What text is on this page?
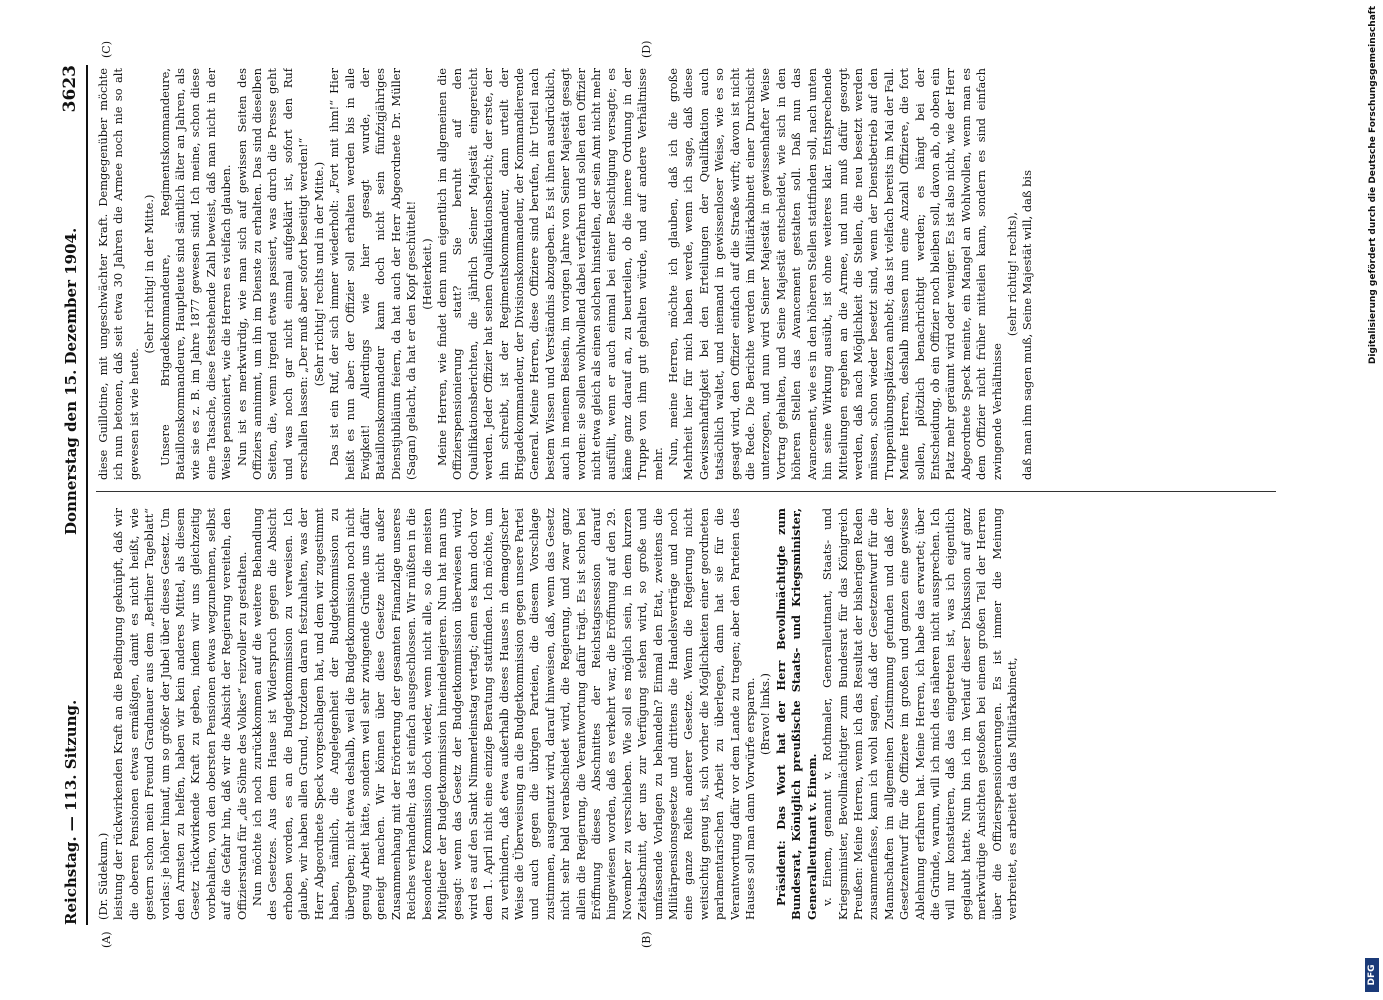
Reichstag. — 113. Sitzung.
Donnerstag den 15. Dezember 1904.
3623
(A)	(B)
(C)	(D)

(Dr. Südekum.) leistung der rückwirkenden Kraft an die Bedingung geknüpft, daß wir die oberen Pensionen etwas ermäßigen, damit es nicht heißt, wie gestern schon mein Freund Gradnauer aus dem „Berliner Tageblatt“ vorlas: je höher hinauf, um so größer der Jubel über dieses Gesetz. Um den Armsten zu helfen, haben wir kein anderes Mittel, als diesem Gesetz rückwirkende Kraft zu geben, indem wir uns gleichzeitig vorbehalten, von den obersten Pensionen etwas wegzunehmen, selbst auf die Gefahr hin, daß wir die Absicht der Regierung vereiteln, den Offizierstand für „die Söhne des Volkes“ reizvoller zu gestalten. Nun möchte ich noch zurückkommen auf die weitere Behandlung des Gesetzes. Aus dem Hause ist Widerspruch gegen die Absicht erhoben worden, es an die Budgetkommission zu verweisen. Ich glaube, wir haben allen Grund, trotzdem daran festzuhalten, was der Herr Abgeordnete Speck vorgeschlagen hat, und dem wir zugestimmt haben, nämlich, die Angelegenheit der Budgetkommission zu übergeben; nicht etwa deshalb, weil die Budgetkommission noch nicht genug Arbeit hätte, sondern weil sehr zwingende Gründe uns dafür geneigt machen. Wir können über diese Gesetze nicht außer Zusammenhang mit der Erörterung der gesamten Finanzlage unseres Reiches verhandeln; das ist einfach ausgeschlossen. Wir müßten in die besondere Kommission doch wieder, wenn nicht alle, so die meisten Mitglieder der Budgetkommission hineindelegieren. Nun hat man uns gesagt: wenn das Gesetz der Budgetkommission überwiesen wird, wird es auf den Sankt Nimmerleinstag vertagt; denn es kann doch vor dem 1. April nicht eine einzige Beratung stattfinden. Ich möchte, um zu verhindern, daß etwa außerhalb dieses Hauses in demagogischer Weise die Überweisung an die Budgetkommission gegen unsere Partei und auch gegen die übrigen Parteien, die diesem Vorschlage zustimmen, ausgenutzt wird, darauf hinweisen, daß, wenn das Gesetz nicht sehr bald verabschiedet wird, die Regierung, und zwar ganz allein die Regierung, die Verantwortung dafür trägt. Es ist schon bei Eröffnung dieses Abschnittes der Reichstagssession darauf hingewiesen worden, daß es verkehrt war, die Eröffnung auf den 29. November zu verschieben. Wie soll es möglich sein, in dem kurzen Zeitabschnitt, der uns zur Verfügung stehen wird, so große und umfassende Vorlagen zu behandeln? Einmal den Etat, zweitens die Militärpensionsgesetze und drittens die Handelsverträge und noch eine ganze Reihe anderer Gesetze. Wenn die Regierung nicht weitsichtig genug ist, sich vorher die Möglichkeiten einer geordneten parlamentarischen Arbeit zu überlegen, dann hat sie für die Verantwortung dafür vor dem Lande zu tragen; aber den Parteien des Hauses soll man dann Vorwürfe ersparen. (Bravo! links.) Präsident: Das Wort hat der Herr Bevollmächtigte zum Bundesrat, Königlich preußische Staats- und Kriegsminister, Generalleutnant v. Einem. v. Einem, genannt v. Rothmaler, Generalleutnant, Staats- und Kriegsminister, Bevollmächtigter zum Bundesrat für das Königreich Preußen: Meine Herren, wenn ich das Resultat der bisherigen Reden zusammenfasse, kann ich wohl sagen, daß der Gesetzentwurf für die Mannschaften im allgemeinen Zustimmung gefunden und daß der Gesetzentwurf für die Offiziere im großen und ganzen eine gewisse Ablehnung erfahren hat. Meine Herren, ich habe das erwartet; über die Gründe, warum, will ich mich des näheren nicht aussprechen. Ich will nur konstatieren, daß das eingetreten ist, was ich eigentlich geglaubt hatte. Nun bin ich im Verlauf dieser Diskussion auf ganz merkwürdige Ansichten gestoßen bei einem großen Teil der Herren über die Offizierspensionierungen. Es ist immer die Meinung verbreitet, es arbeitet da das Militärkabinett,

diese Guillotine, mit ungeschwächter Kraft. Demgegenüber möchte ich nun betonen, daß seit etwa 30 Jahren die Armee noch nie so alt gewesen ist wie heute.

(Sehr richtig! in der Mitte.) Unsere Brigadekommandeure, Regimentskommandeure, Bataillonskommandeure, Hauptleute sind sämtlich älter an Jahren, als wie sie es z. B. im Jahre 1877 gewesen sind. Ich meine, schon diese eine Tatsache, diese feststehende Zahl beweist, daß man nicht in der Weise pensioniert, wie die Herren es vielfach glauben. Nun ist es merkwürdig, wie man sich auf gewissen Seiten des Offiziers annimmt, um ihn im Dienste zu erhalten. Das sind dieselben Seiten, die, wenn irgend etwas passiert, was durch die Presse geht und was noch gar nicht einmal aufgeklärt ist, sofort den Ruf erschallen lassen: „Der muß aber sofort beseitigt werden!“ (Sehr richtig! rechts und in der Mitte.) Das ist ein Ruf, der sich immer wiederholt: „Fort mit ihm!“ Hier heißt es nun aber: der Offizier soll erhalten werden bis in alle Ewigkeit! Allerdings wie hier gesagt wurde, der Bataillonskommandeur kann doch nicht sein fünfzigjähriges Dienstjubiläum feiern, da hat auch der Herr Abgeordnete Dr. Müller (Sagan) gelacht, da hat er den Kopf geschüttelt! (Heiterkeit.) Meine Herren, wie findet denn nun eigentlich im allgemeinen die Offizierspensionierung statt? Sie beruht auf den Qualifikationsberichten, die jährlich Seiner Majestät eingereicht werden. Jeder Offizier hat seinen Qualifikationsbericht; der erste, der ihn schreibt, ist der Regimentskommandeur, dann urteilt der Brigadekommandeur, der Divisionskommandeur, der Kommandierende General. Meine Herren, diese Offiziere sind berufen, ihr Urteil nach bestem Wissen und Verständnis abzugeben. Es ist ihnen ausdrücklich, auch in meinem Beisein, im vorigen Jahre von Seiner Majestät gesagt worden: sie sollen wohlwollend dabei verfahren und sollen den Offizier nicht etwa gleich als einen solchen hinstellen, der sein Amt nicht mehr ausfüllt, wenn er auch einmal bei einer Besichtigung versagte; es käme ganz darauf an, zu beurteilen, ob die innere Ordnung in der Truppe von ihm gut gehalten würde, und auf andere Verhältnisse mehr. Nun, meine Herren, möchte ich glauben, daß ich die große Mehrheit hier für mich haben werde, wenn ich sage, daß diese Gewissenhaftigkeit bei den Erteilungen der Qualifikation auch tatsächlich waltet, und niemand in gewissenloser Weise, wie es so gesagt wird, den Offizier einfach auf die Straße wirft; davon ist nicht die Rede. Die Berichte werden im Militärkabinett einer Durchsicht unterzogen, und nun wird Seiner Majestät in gewissenhafter Weise Vortrag gehalten, und Seine Majestät entscheidet, wie sich in den höheren Stellen das Avancement gestalten soll. Daß nun das Avancement, wie es in den höheren Stellen stattfinden soll, nach unten hin seine Wirkung ausübt, ist ohne weiteres klar. Entsprechende Mitteilungen ergehen an die Armee, und nun muß dafür gesorgt werden, daß nach Möglichkeit die Stellen, die neu besetzt werden müssen, schon wieder besetzt sind, wenn der Dienstbetrieb auf den Truppenübungsplätzen anhebt; das ist vielfach bereits im Mai der Fall. Meine Herren, deshalb müssen nun eine Anzahl Offiziere, die fort sollen, plötzlich benachrichtigt werden; es hängt bei der Entscheidung, ob ein Offizier noch bleiben soll, davon ab, ob oben ein Platz mehr geräumt wird oder weniger. Es ist also nicht, wie der Herr Abgeordnete Speck meinte, ein Mangel an Wohlwollen, wenn man es dem Offizier nicht früher mitteilen kann, sondern es sind einfach zwingende Verhältnisse

(sehr richtig! rechts), daß man ihm sagen muß, Seine Majestät will, daß bis

DFG
Digitalisierung gefördert durch die Deutsche Forschungsgemeinschaft
